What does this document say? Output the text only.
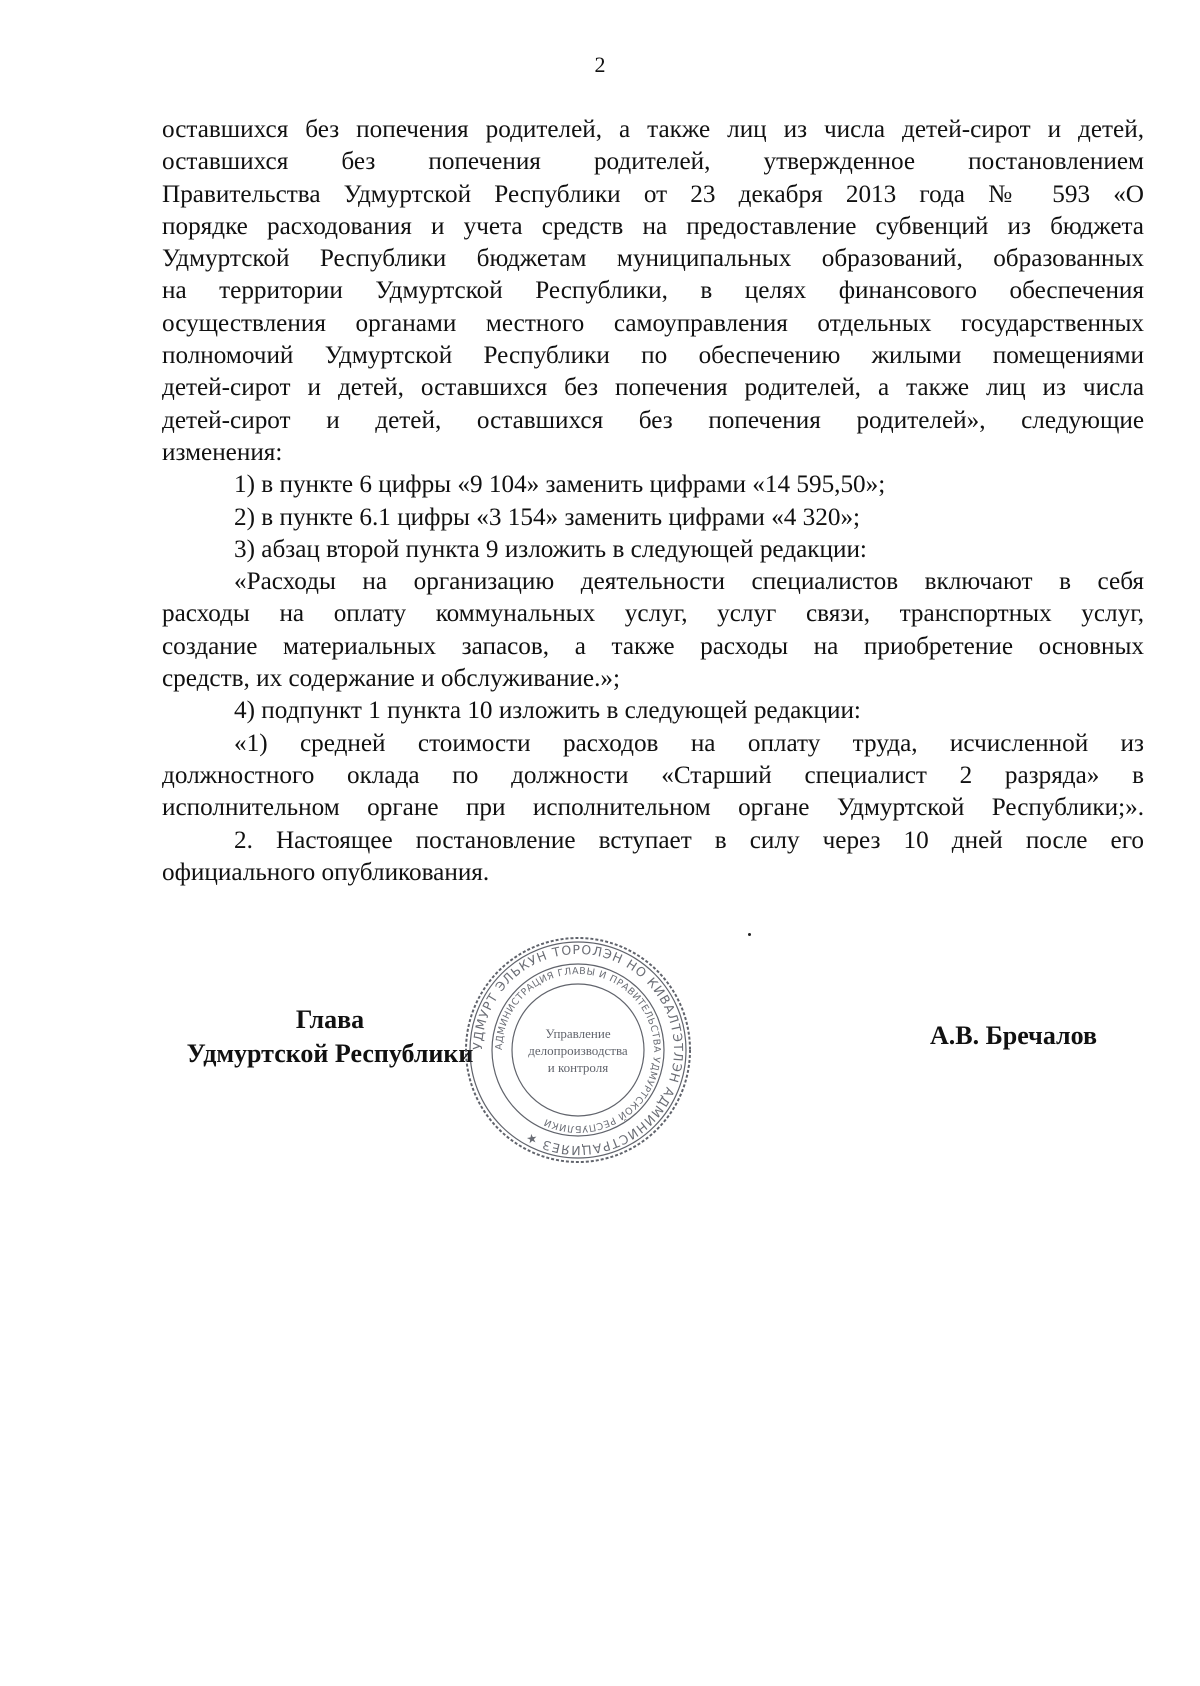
2

оставшихся без попечения родителей, а также лиц из числа детей-сирот и детей,

оставшихся без попечения родителей, утвержденное постановлением

Правительства Удмуртской Республики от 23 декабря 2013 года № 593 «О

порядке расходования и учета средств на предоставление субвенций из бюджета

Удмуртской Республики бюджетам муниципальных образований, образованных

на территории Удмуртской Республики, в целях финансового обеспечения

осуществления органами местного самоуправления отдельных государственных

полномочий Удмуртской Республики по обеспечению жилыми помещениями

детей-сирот и детей, оставшихся без попечения родителей, а также лиц из числа

детей-сирот и детей, оставшихся без попечения родителей», следующие

изменения:

1) в пункте 6 цифры «9 104» заменить цифрами «14 595,50»;

2) в пункте 6.1 цифры «3 154» заменить цифрами «4 320»;

3) абзац второй пункта 9 изложить в следующей редакции:

«Расходы на организацию деятельности специалистов включают в себя

расходы на оплату коммунальных услуг, услуг связи, транспортных услуг,

создание материальных запасов, а также расходы на приобретение основных

средств, их содержание и обслуживание.»;

4) подпункт 1 пункта 10 изложить в следующей редакции:

«1) средней стоимости расходов на оплату труда, исчисленной из

должностного оклада по должности «Старший специалист 2 разряда» в

исполнительном органе при исполнительном органе Удмуртской Республики;».

2. Настоящее постановление вступает в силу через 10 дней после его

официального опубликования.

Глава
Удмуртской Республики
А.В. Бречалов
УДМУРТ ЭЛЬКУН ТОРОЛЭН НО КИВАЛТЭТЛЭН АДМИНИСТРАЦИЯЕЗ ★
АДМИНИСТРАЦИЯ ГЛАВЫ И ПРАВИТЕЛЬСТВА УДМУРТСКОЙ РЕСПУБЛИКИ
Управление
делопроизводства
и контроля
